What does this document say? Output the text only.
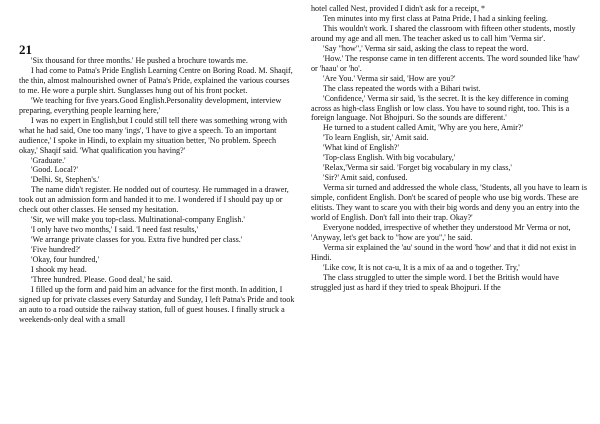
21

'Six thousand for three months.' He pushed a brochure towards me.

I had come to Patna's Pride English Learning Centre on Boring Road. M. Shaqif, the thin, almost malnourished owner of Patna's Pride, explained the various courses to me. He wore a purple shirt. Sunglasses hung out of his front pocket.

'We teaching for five years.Good English.Personality development, interview preparing, everything people learning here,'

I was no expert in English,but I could still tell there was something wrong with what he had said, One too many 'ings', 'I have to give a speech. To an important audience,' I spoke in Hindi, to explain my situation better, 'No problem. Speech okay,' Shaqif said. 'What qualification you having?'

'Graduate.'

'Good. Local?'

'Delhi. St, Stephen's.'

The name didn't register. He nodded out of courtesy. He rummaged in a drawer, took out an admission form and handed it to me. I wondered if I should pay up or check out other classes. He sensed my hesitation.

'Sir, we will make you top-class. Multinational-company English.'

'I only have two months,' I said. 'I need fast results,'

'We arrange private classes for you. Extra five hundred per class.'

'Five hundred?'

'Okay, four hundred,'

I shook my head.

'Three hundred. Please. Good deal,' he said.

I filled up the form and paid him an advance for the first month. In addition, I signed up for private classes every Saturday and Sunday, I left Patna's Pride and took an auto to a road outside the railway station, full of guest houses. I finally struck a weekends-only deal with a small

hotel called Nest, provided I didn't ask for a receipt, *

Ten minutes into my first class at Patna Pride, I had a sinking feeling.

This wouldn't work. I shared the classroom with fifteen other students, mostly around my age and all men. The teacher asked us to call him 'Verma sir'.

'Say "how",' Verma sir said, asking the class to repeat the word.

'How.' The response came in ten different accents. The word sounded like 'haw' or 'haau' or 'ho'.

'Are You.' Verma sir said, 'How are you?'

The class repeated the words with a Bihari twist.

'Confidence,' Verma sir said, 'is the secret. It is the key difference in coming across as high-class English or low class. You have to sound right, too. This is a foreign language. Not Bhojpuri. So the sounds are different.'

He turned to a student called Amit, 'Why are you here, Amir?'

'To learn English, sir,' Amit said.

'What kind of English?'

'Top-class English. With big vocabulary,'

'Relax,'Verma sir said. 'Forget big vocabulary in my class,'

'Sir?' Amit said, confused.

Verma sir turned and addressed the whole class, 'Students, all you have to learn is simple, confident English. Don't be scared of people who use big words. These are elitists. They want to scare you with their big words and deny you an entry into the world of English. Don't fall into their trap. Okay?'

Everyone nodded, irrespective of whether they understood Mr Verma or not, 'Anyway, let's get back to "how are you",' he said.

Verma sir explained the 'au' sound in the word 'how' and that it did not exist in Hindi.

'Like cow, It is not ca-u, It is a mix of aa and o together. Try,'

The class struggled to utter the simple word. I bet the British would have struggled just as hard if they tried to speak Bhojpuri. If the
